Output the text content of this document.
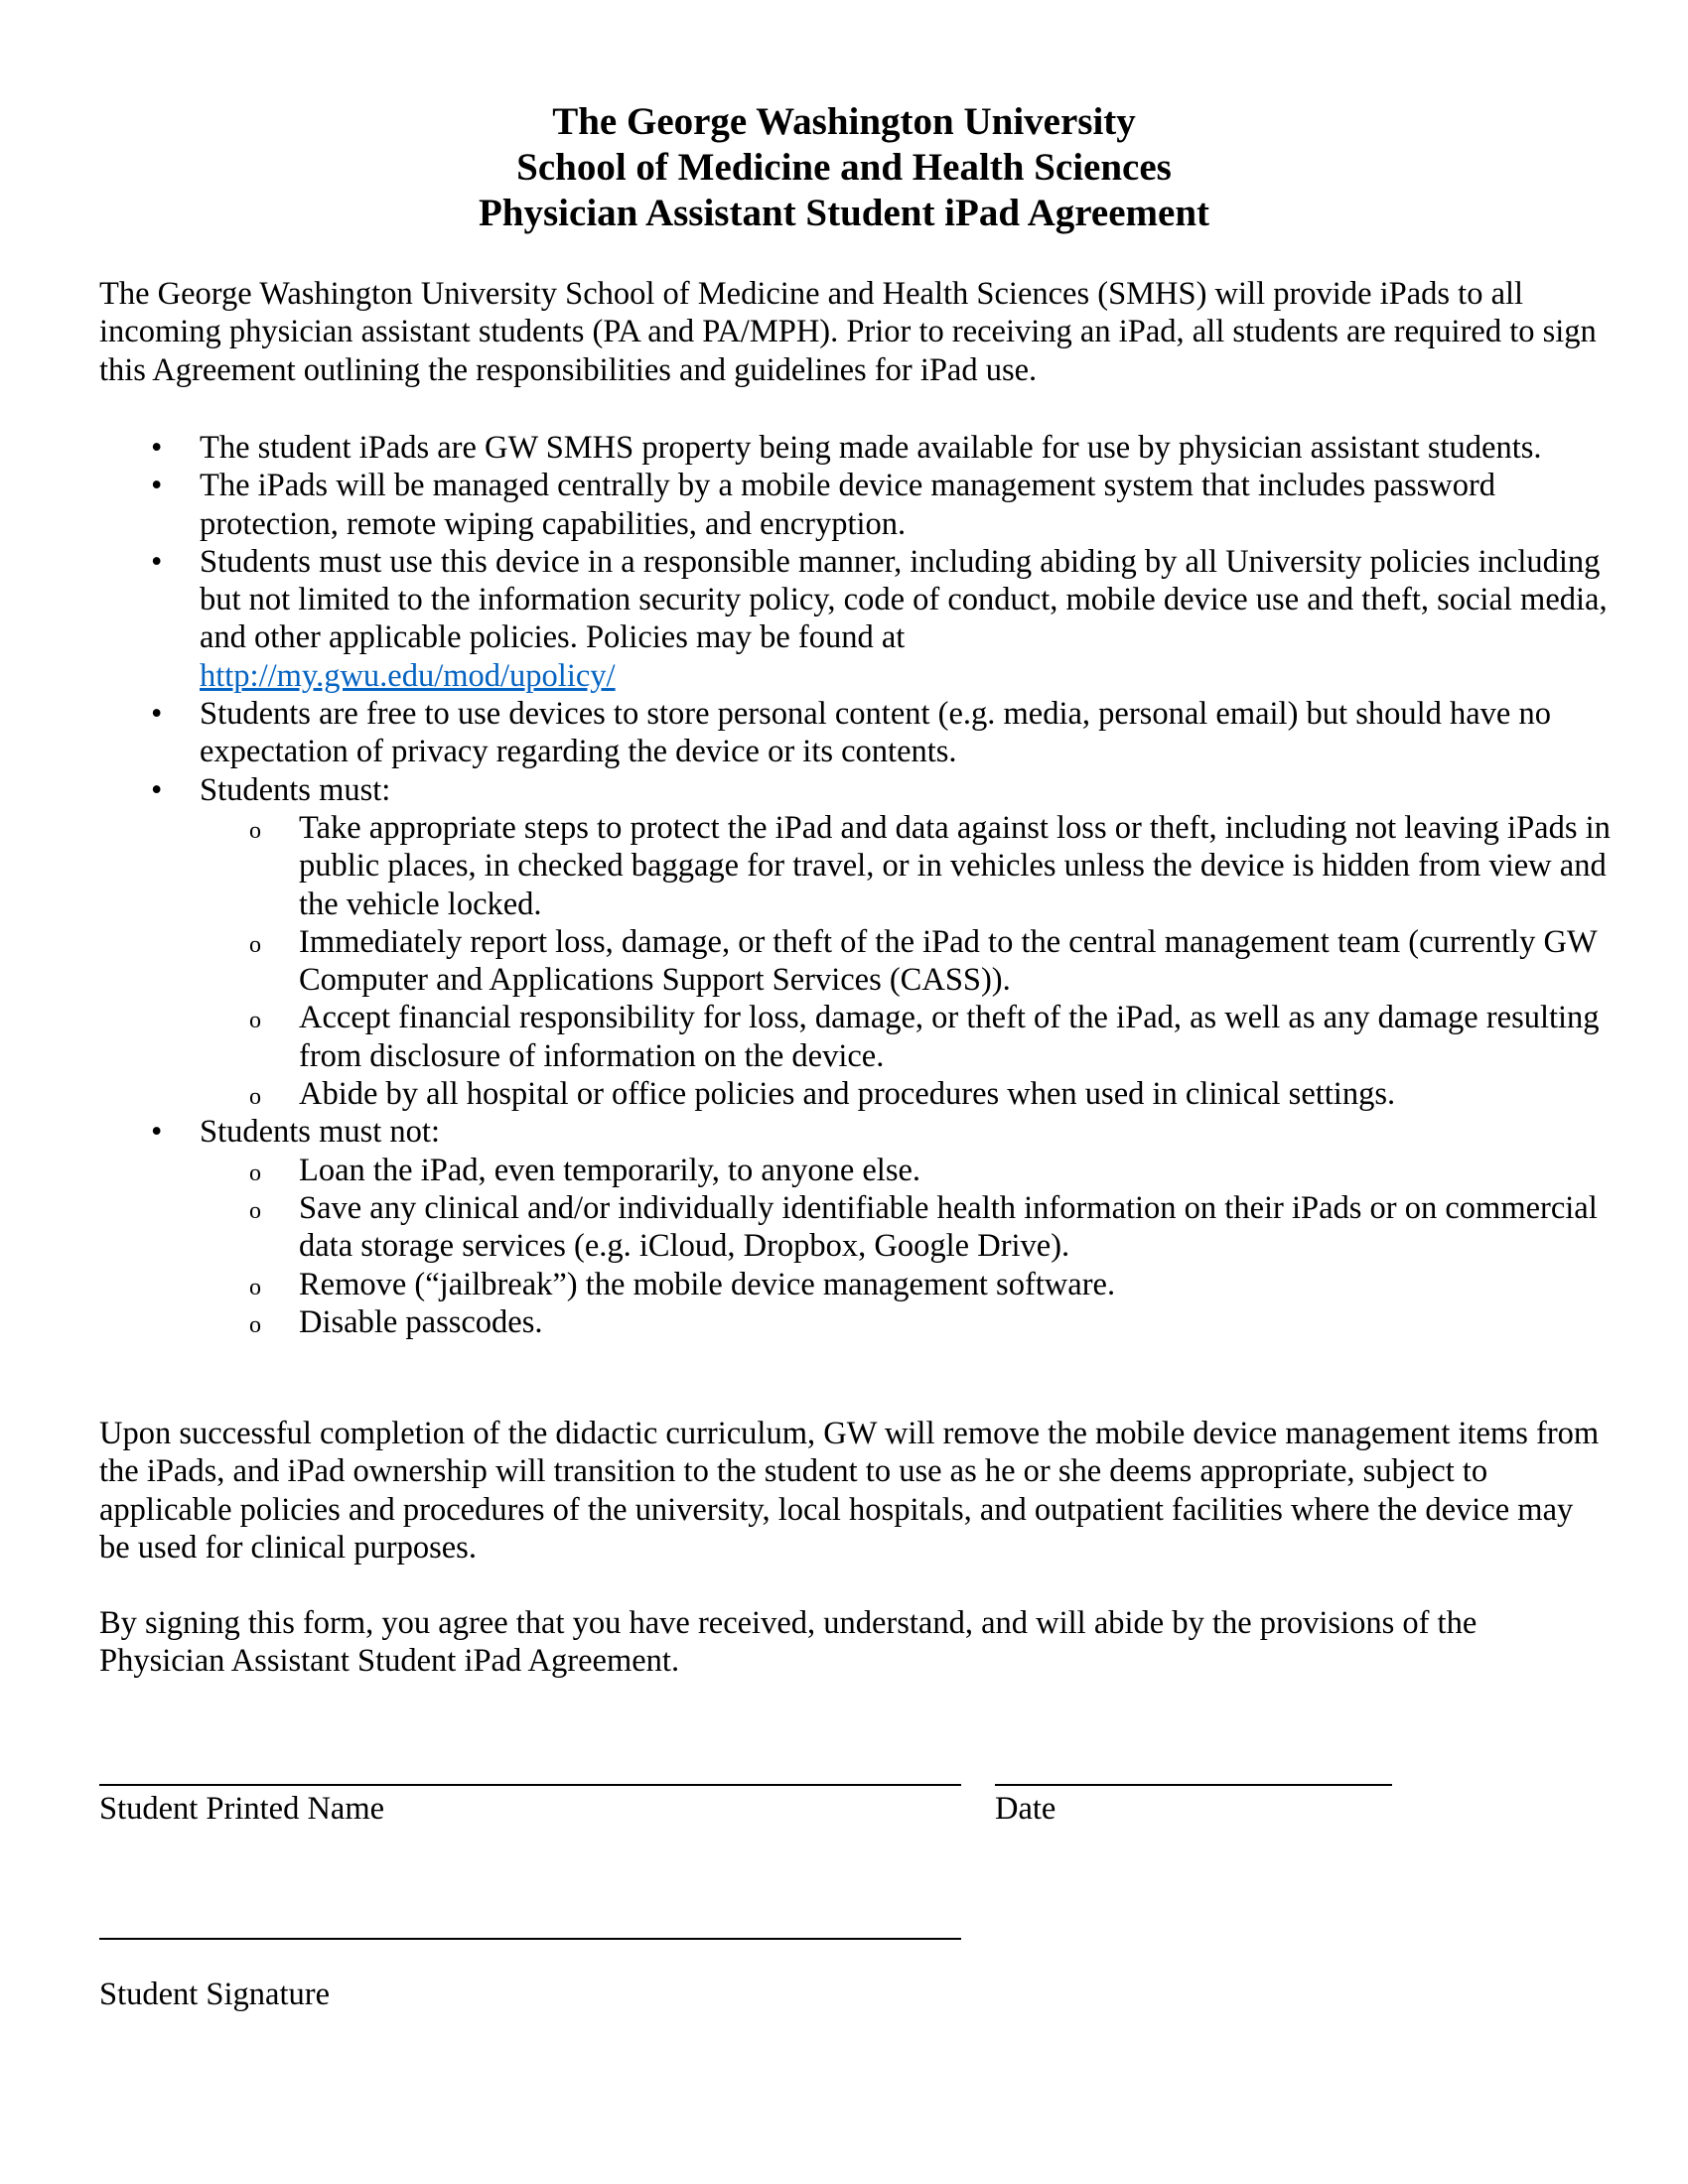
The George Washington University
School of Medicine and Health Sciences
Physician Assistant Student iPad Agreement
The George Washington University School of Medicine and Health Sciences (SMHS) will provide iPads to all incoming physician assistant students (PA and PA/MPH). Prior to receiving an iPad, all students are required to sign this Agreement outlining the responsibilities and guidelines for iPad use.
• The student iPads are GW SMHS property being made available for use by physician assistant students.
• The iPads will be managed centrally by a mobile device management system that includes password protection, remote wiping capabilities, and encryption.
• Students must use this device in a responsible manner, including abiding by all University policies including but not limited to the information security policy, code of conduct, mobile device use and theft, social media, and other applicable policies. Policies may be found at
http://my.gwu.edu/mod/upolicy/
• Students are free to use devices to store personal content (e.g. media, personal email) but should have no expectation of privacy regarding the device or its contents.
• Students must:
o Take appropriate steps to protect the iPad and data against loss or theft, including not leaving iPads in public places, in checked baggage for travel, or in vehicles unless the device is hidden from view and the vehicle locked.
o Immediately report loss, damage, or theft of the iPad to the central management team (currently GW Computer and Applications Support Services (CASS)).
o Accept financial responsibility for loss, damage, or theft of the iPad, as well as any damage resulting from disclosure of information on the device.
o Abide by all hospital or office policies and procedures when used in clinical settings.
• Students must not:
o Loan the iPad, even temporarily, to anyone else.
o Save any clinical and/or individually identifiable health information on their iPads or on commercial data storage services (e.g. iCloud, Dropbox, Google Drive).
o Remove (“jailbreak”) the mobile device management software.
o Disable passcodes.
Upon successful completion of the didactic curriculum, GW will remove the mobile device management items from the iPads, and iPad ownership will transition to the student to use as he or she deems appropriate, subject to applicable policies and procedures of the university, local hospitals, and outpatient facilities where the device may be used for clinical purposes.
By signing this form, you agree that you have received, understand, and will abide by the provisions of the Physician Assistant Student iPad Agreement.
Student Printed Name	Date
Student Signature
